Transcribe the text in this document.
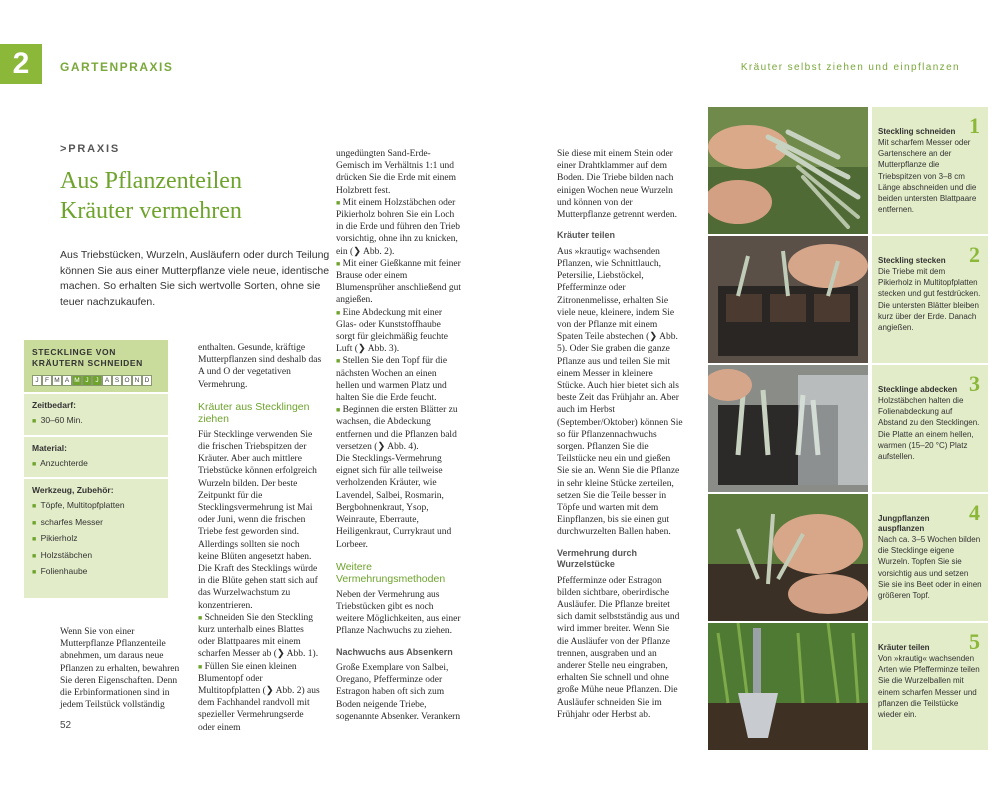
2	GARTENPRAXIS	Kräuter selbst ziehen und einpflanzen
>PRAXIS
Aus Pflanzenteilen
Kräuter vermehren
Aus Triebstücken, Wurzeln, Ausläufern oder durch Teilung können Sie aus einer Mutterpflanze viele neue, identische machen. So erhalten Sie sich wertvolle Sorten, ohne sie teuer nachzukaufen.
STECKLINGE VON KRÄUTERN SCHNEIDEN
J F M A M J	J A S O N D
Zeitbedarf:
■ 30–60 Min.
Material:
■ Anzuchterde
Werkzeug, Zubehör:
■ Töpfe, Multitopfplatten
■ scharfes Messer
■ Pikierholz
■ Holzstäbchen
■ Folienhaube

Wenn Sie von einer Mutterpflanze Pflanzenteile abnehmen, um daraus neue Pflanzen zu erhalten, bewahren Sie deren Eigenschaften. Denn die Erbinformationen sind in jedem Teilstück vollständig

52

enthalten. Gesunde, kräftige Mutterpflanzen sind deshalb das A und O der vegetativen Vermehrung.

Kräuter aus Stecklingen ziehen

Für Stecklinge verwenden Sie die frischen Triebspitzen der Kräuter. Aber auch mittlere Triebstücke können erfolgreich Wurzeln bilden. Der beste Zeitpunkt für die Stecklingsvermehrung ist Mai oder Juni, wenn die frischen Triebe fest geworden sind. Allerdings sollten sie noch keine Blüten angesetzt haben. Die Kraft des Stecklings würde in die Blüte gehen statt sich auf das Wurzelwachstum zu konzentrieren.

■ Schneiden Sie den Steckling kurz unterhalb eines Blattes oder Blattpaares mit einem scharfen Messer ab (❯ Abb. 1).

■ Füllen Sie einen kleinen Blumentopf oder Multitopfplatten (❯ Abb. 2) aus dem Fachhandel randvoll mit spezieller Vermehrungserde oder einem

ungedüngten Sand-Erde-Gemisch im Verhältnis 1:1 und drücken Sie die Erde mit einem Holzbrett fest.

■ Mit einem Holzstäbchen oder Pikierholz bohren Sie ein Loch in die Erde und führen den Trieb vorsichtig, ohne ihn zu knicken, ein (❯ Abb. 2).

■ Mit einer Gießkanne mit feiner Brause oder einem Blumensprüher anschließend gut angießen.

■ Eine Abdeckung mit einer Glas- oder Kunststoffhaube sorgt für gleichmäßig feuchte Luft (❯ Abb. 3).

■ Stellen Sie den Topf für die nächsten Wochen an einen hellen und warmen Platz und halten Sie die Erde feucht.

■ Beginnen die ersten Blätter zu wachsen, die Abdeckung entfernen und die Pflanzen bald versetzen (❯ Abb. 4).

Die Stecklings-Vermehrung eignet sich für alle teilweise verholzenden Kräuter, wie Lavendel, Salbei, Rosmarin, Bergbohnenkraut, Ysop, Weinraute, Eberraute, Heiligenkraut, Currykraut und Lorbeer.

Weitere Vermehrungsmethoden

Neben der Vermehrung aus Triebstücken gibt es noch weitere Möglichkeiten, aus einer Pflanze Nachwuchs zu ziehen.

Nachwuchs aus Absenkern

Große Exemplare von Salbei, Oregano, Pfefferminze oder Estragon haben oft sich zum Boden neigende Triebe, sogenannte Absenker. Verankern

Sie diese mit einem Stein oder einer Drahtklammer auf dem Boden. Die Triebe bilden nach einigen Wochen neue Wurzeln und können von der Mutterpflanze getrennt werden.

Kräuter teilen

Aus »krautig« wachsenden Pflanzen, wie Schnittlauch, Petersilie, Liebstöckel, Pfefferminze oder Zitronenmelisse, erhalten Sie viele neue, kleinere, indem Sie von der Pflanze mit einem Spaten Teile abstechen (❯ Abb. 5). Oder Sie graben die ganze Pflanze aus und teilen Sie mit einem Messer in kleinere Stücke. Auch hier bietet sich als beste Zeit das Frühjahr an. Aber auch im Herbst (September/Oktober) können Sie so für Pflanzennachwuchs sorgen. Pflanzen Sie die Teilstücke neu ein und gießen Sie sie an. Wenn Sie die Pflanze in sehr kleine Stücke zerteilen, setzen Sie die Teile besser in Töpfe und warten mit dem Einpflanzen, bis sie einen gut durchwurzelten Ballen haben.

Vermehrung durch Wurzelstücke

Pfefferminze oder Estragon bilden sichtbare, oberirdische Ausläufer. Die Pflanze breitet sich damit selbstständig aus und wird immer breiter. Wenn Sie die Ausläufer von der Pflanze trennen, ausgraben und an anderer Stelle neu eingraben, erhalten Sie schnell und ohne große Mühe neue Pflanzen. Die Ausläufer schneiden Sie im Frühjahr oder Herbst ab.

1
Steckling schneiden
Mit scharfem Messer oder Gartenschere an der Mutterpflanze die Triebspitzen von 3–8 cm Länge abschneiden und die beiden untersten Blattpaare entfernen.
2
Steckling stecken
Die Triebe mit dem Pikierholz in Multitopfplatten stecken und gut festdrücken. Die untersten Blätter bleiben kurz über der Erde. Danach angießen.
3
Stecklinge abdecken
Holzstäbchen halten die Folienabdeckung auf Abstand zu den Stecklingen. Die Platte an einem hellen, warmen (15–20 °C) Platz aufstellen.
4
Jungpflanzen auspflanzen
Nach ca. 3–5 Wochen bilden die Stecklinge eigene Wurzeln. Topfen Sie sie vorsichtig aus und setzen Sie sie ins Beet oder in einen größeren Topf.
5
Kräuter teilen
Von »krautig« wachsenden Arten wie Pfefferminze teilen Sie die Wurzelballen mit einem scharfen Messer und pflanzen die Teilstücke wieder ein.
